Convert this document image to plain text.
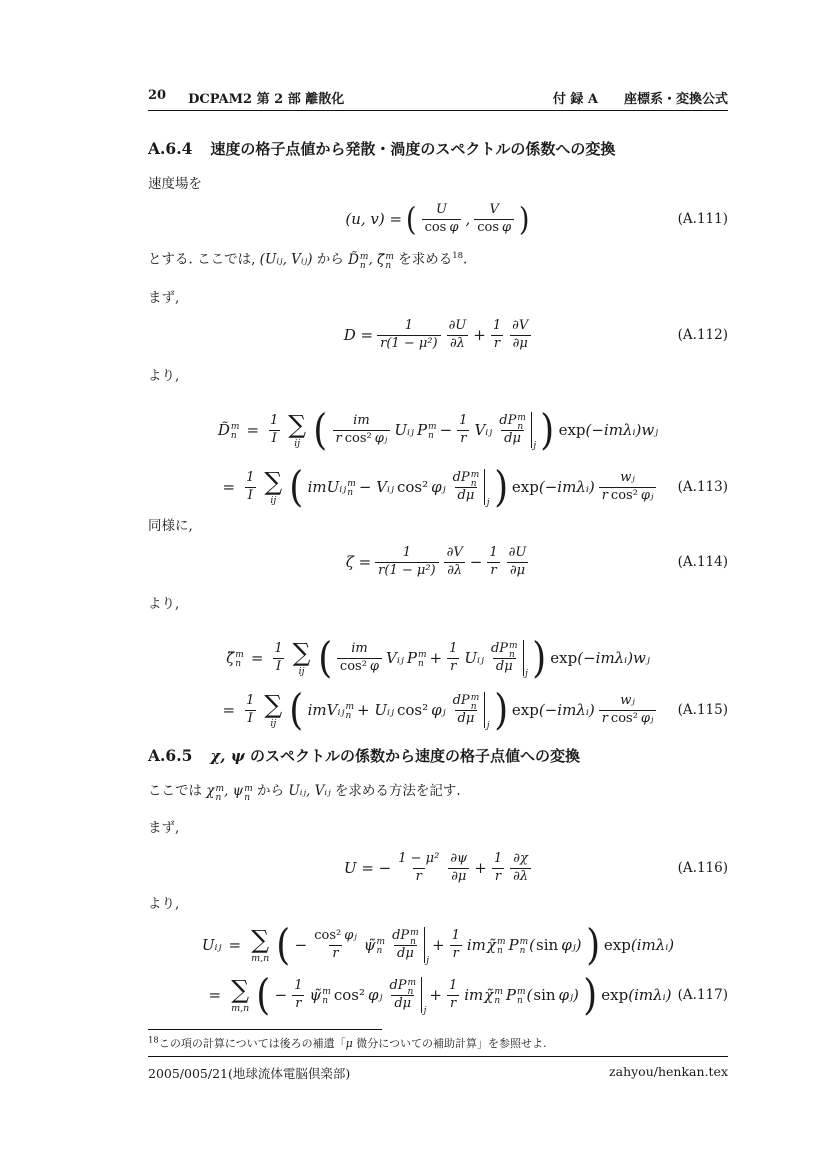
20 DCPAM2 第 2 部 離散化	付 録 A 座標系・変換公式
A.6.4 速度の格子点値から発散・渦度のスペクトルの係数への変換
速度場を
(u, v) = ( U
cos φ ,
V
cos φ )	(A.111)
とする. ここでは, (Uᵢⱼ, Vᵢⱼ) から D̃ m
n , ζ̃ m
n を求める$^{18}$.
まず,
$D = \frac{1}{\text{r(1 − μ²)}} \partial U$
$\partial\lambda + \frac{1}{r} \partial V$
∂μ	(A.112)
より,
D̃ m
$n = \frac{1}{I}$ ∑
ij ( im
r cos² φⱼ Uᵢⱼ P m
$n - \frac{1}{r}$ Vᵢⱼ
dP m
n
dμ	j ) exp (−imλᵢ)wⱼ
= $\frac{1}{I}$ ∑
ij ( imUᵢⱼ m
n − Vᵢⱼ cos² φⱼ
dP m
n
dμ	j ) exp (−imλᵢ)
wⱼ
r cos² φⱼ (A.113)
同様に,
$\zeta = \frac{1}{\text{r(1 − μ²)}} \partial V$
$\partial\lambda - \frac{1}{r} \partial U$
∂μ	(A.114)
より,
ζ̃ m
$n = \frac{1}{I}$ ∑
ij ( im
cos² φ Vᵢⱼ P m
$n + \frac{1}{r}$ Uᵢⱼ
dP m
n
dμ	j ) exp (−imλᵢ)wⱼ
= $\frac{1}{I}$ ∑
ij ( imVᵢⱼ m
n + Uᵢⱼ cos² φⱼ
dP m
n
dμ	j ) exp (−imλᵢ)
wⱼ
r cos² φⱼ (A.115)
A.6.5 χ, ψ のスペクトルの係数から速度の格子点値への変換
ここでは χ m
n , ψ m
n から Uᵢⱼ, Vᵢⱼ を求める方法を記す.
まず,
U = − $\frac{\text{1 − μ²}}{r} \partial\psi$
$\partial\mu + \frac{1}{r} \partial\chi$
∂λ	(A.116)
より,
Uᵢⱼ = ∑
m,n ( − $\frac{\text{cos² φⱼ}}{r}$ ψ̃ m
n
dP m
n
dμ	j
+ $\frac{1}{r}$ im χ̃ m
n P m
n ( sin φⱼ) ) exp (imλᵢ)
= ∑
m,n ( − $\frac{1}{r}$ ψ̃ m
n cos² φⱼ
dP m
n
dμ	j
+ $\frac{1}{r}$ im χ̃ m
n P m
n ( sin φⱼ) ) exp (imλᵢ) (A.117)
$^{18}$この項の計算については後ろの補遺「μ 微分についての補助計算」を参照せよ.
2005/005/21(地球流体電脳倶楽部)	zahyou/henkan.tex
